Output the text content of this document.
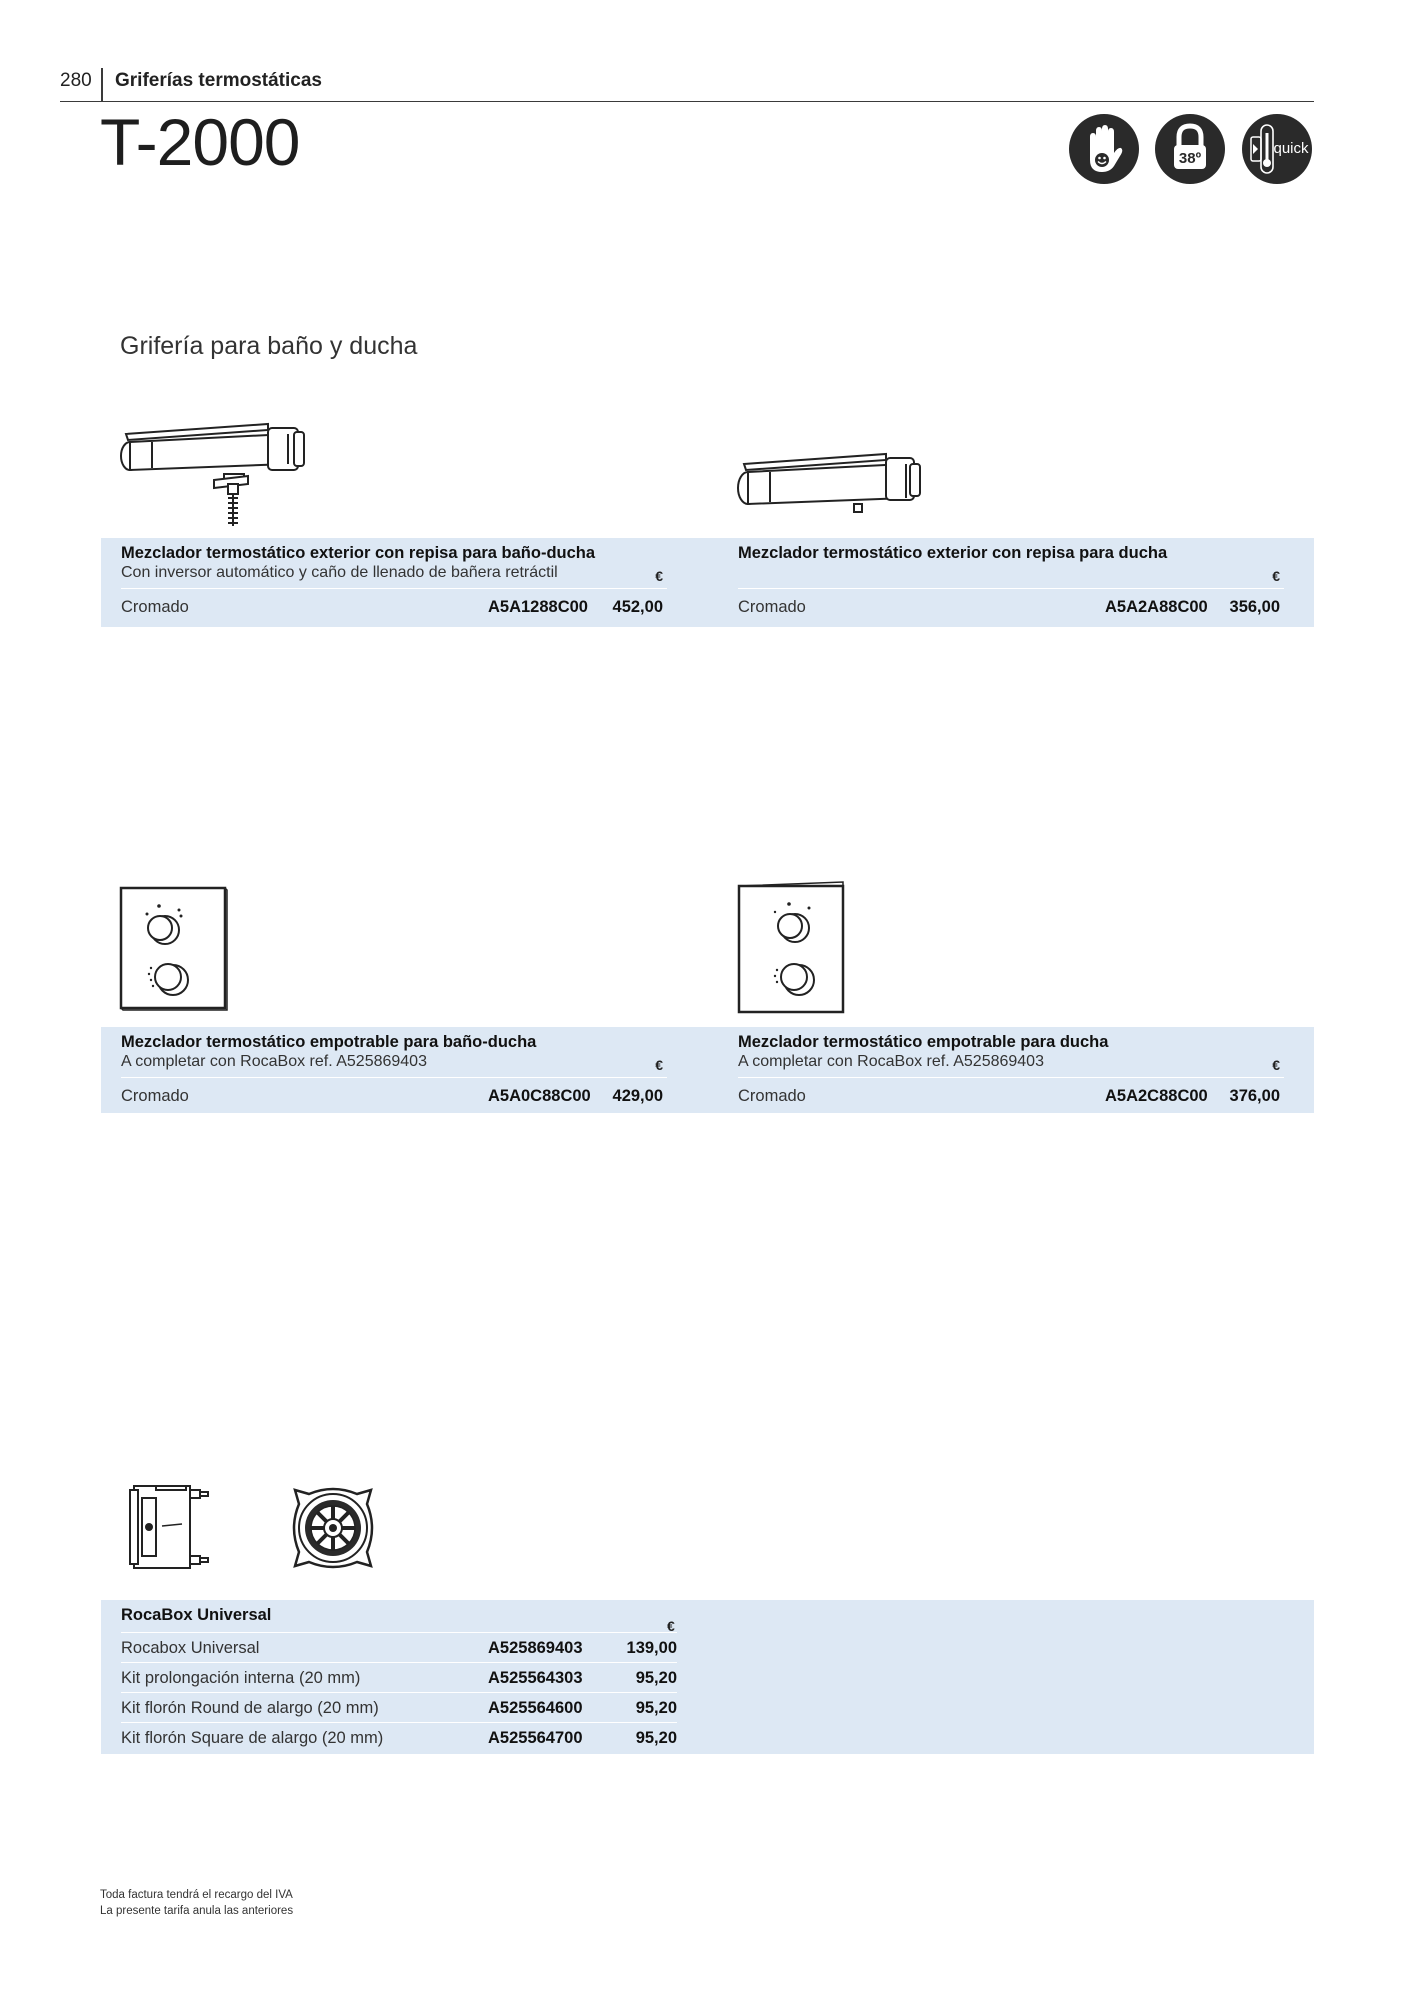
280	Griferías termostáticas
T-2000	38º
quick
Grifería para baño y ducha
Mezclador termostático exterior con repisa para baño-ducha
Con inversor automático y caño de llenado de bañera retráctil	€
Cromado	A5A1288C00 452,00
Mezclador termostático exterior con repisa para ducha
€
Cromado	A5A2A88C00 356,00
Mezclador termostático empotrable para baño-ducha
A completar con RocaBox ref. A525869403	€
Cromado	A5A0C88C00 429,00
Mezclador termostático empotrable para ducha
A completar con RocaBox ref. A525869403	€
Cromado	A5A2C88C00 376,00
RocaBox Universal
€
Rocabox Universal	A525869403	139,00
Kit prolongación interna (20 mm)	A525564303	95,20
Kit florón Round de alargo (20 mm)	A525564600	95,20
Kit florón Square de alargo (20 mm)	A525564700	95,20
Toda factura tendrá el recargo del IVA
La presente tarifa anula las anteriores
